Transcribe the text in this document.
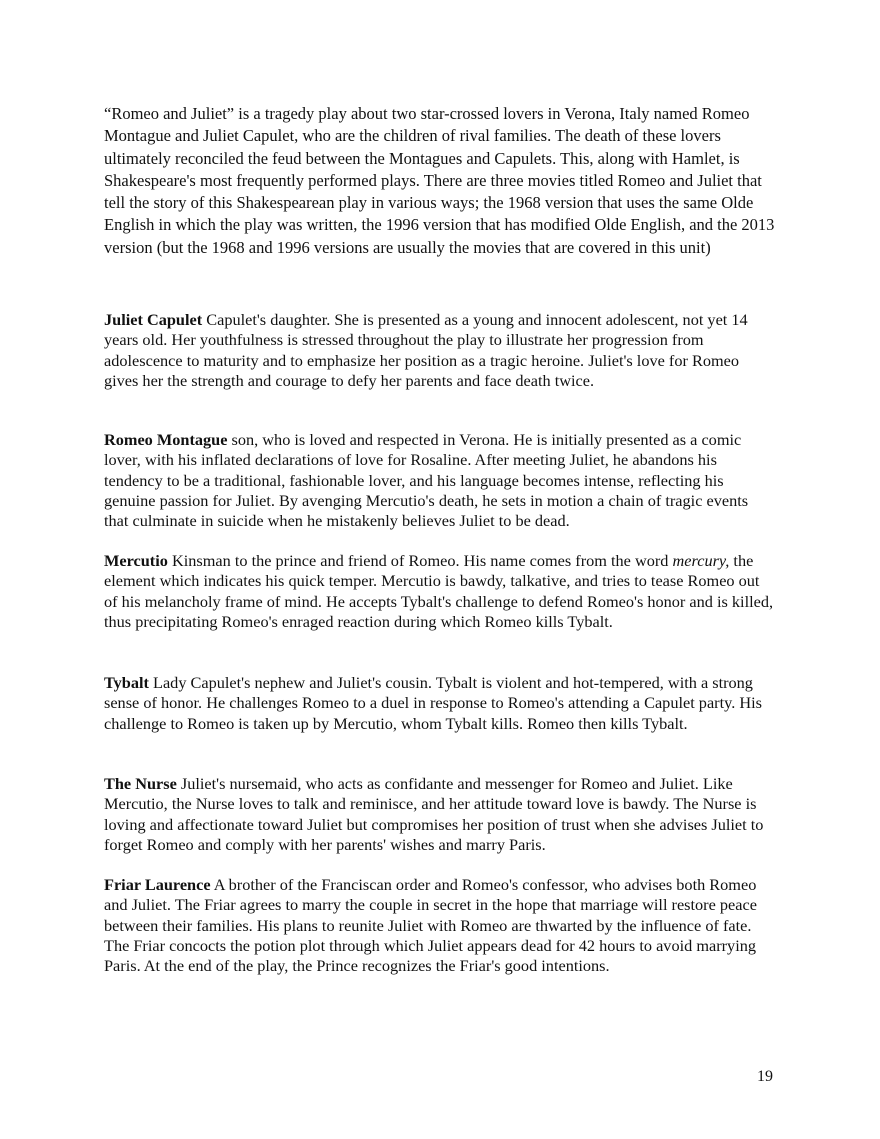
“Romeo and Juliet” is a tragedy play about two star-crossed lovers in Verona, Italy named Romeo Montague and Juliet Capulet, who are the children of rival families. The death of these lovers ultimately reconciled the feud between the Montagues and Capulets. This, along with Hamlet, is Shakespeare's most frequently performed plays. There are three movies titled Romeo and Juliet that tell the story of this Shakespearean play in various ways; the 1968 version that uses the same Olde English in which the play was written, the 1996 version that has modified Olde English, and the 2013 version (but the 1968 and 1996 versions are usually the movies that are covered in this unit)

Juliet Capulet Capulet's daughter. She is presented as a young and innocent adolescent, not yet 14 years old. Her youthfulness is stressed throughout the play to illustrate her progression from adolescence to maturity and to emphasize her position as a tragic heroine. Juliet's love for Romeo gives her the strength and courage to defy her parents and face death twice.

Romeo Montague son, who is loved and respected in Verona. He is initially presented as a comic lover, with his inflated declarations of love for Rosaline. After meeting Juliet, he abandons his tendency to be a traditional, fashionable lover, and his language becomes intense, reflecting his genuine passion for Juliet. By avenging Mercutio's death, he sets in motion a chain of tragic events that culminate in suicide when he mistakenly believes Juliet to be dead.

Mercutio Kinsman to the prince and friend of Romeo. His name comes from the word mercury, the element which indicates his quick temper. Mercutio is bawdy, talkative, and tries to tease Romeo out of his melancholy frame of mind. He accepts Tybalt's challenge to defend Romeo's honor and is killed, thus precipitating Romeo's enraged reaction during which Romeo kills Tybalt.

Tybalt Lady Capulet's nephew and Juliet's cousin. Tybalt is violent and hot-tempered, with a strong sense of honor. He challenges Romeo to a duel in response to Romeo's attending a Capulet party. His challenge to Romeo is taken up by Mercutio, whom Tybalt kills. Romeo then kills Tybalt.

The Nurse Juliet's nursemaid, who acts as confidante and messenger for Romeo and Juliet. Like Mercutio, the Nurse loves to talk and reminisce, and her attitude toward love is bawdy. The Nurse is loving and affectionate toward Juliet but compromises her position of trust when she advises Juliet to forget Romeo and comply with her parents' wishes and marry Paris.

Friar Laurence A brother of the Franciscan order and Romeo's confessor, who advises both Romeo and Juliet. The Friar agrees to marry the couple in secret in the hope that marriage will restore peace between their families. His plans to reunite Juliet with Romeo are thwarted by the influence of fate. The Friar concocts the potion plot through which Juliet appears dead for 42 hours to avoid marrying Paris. At the end of the play, the Prince recognizes the Friar's good intentions.

19
